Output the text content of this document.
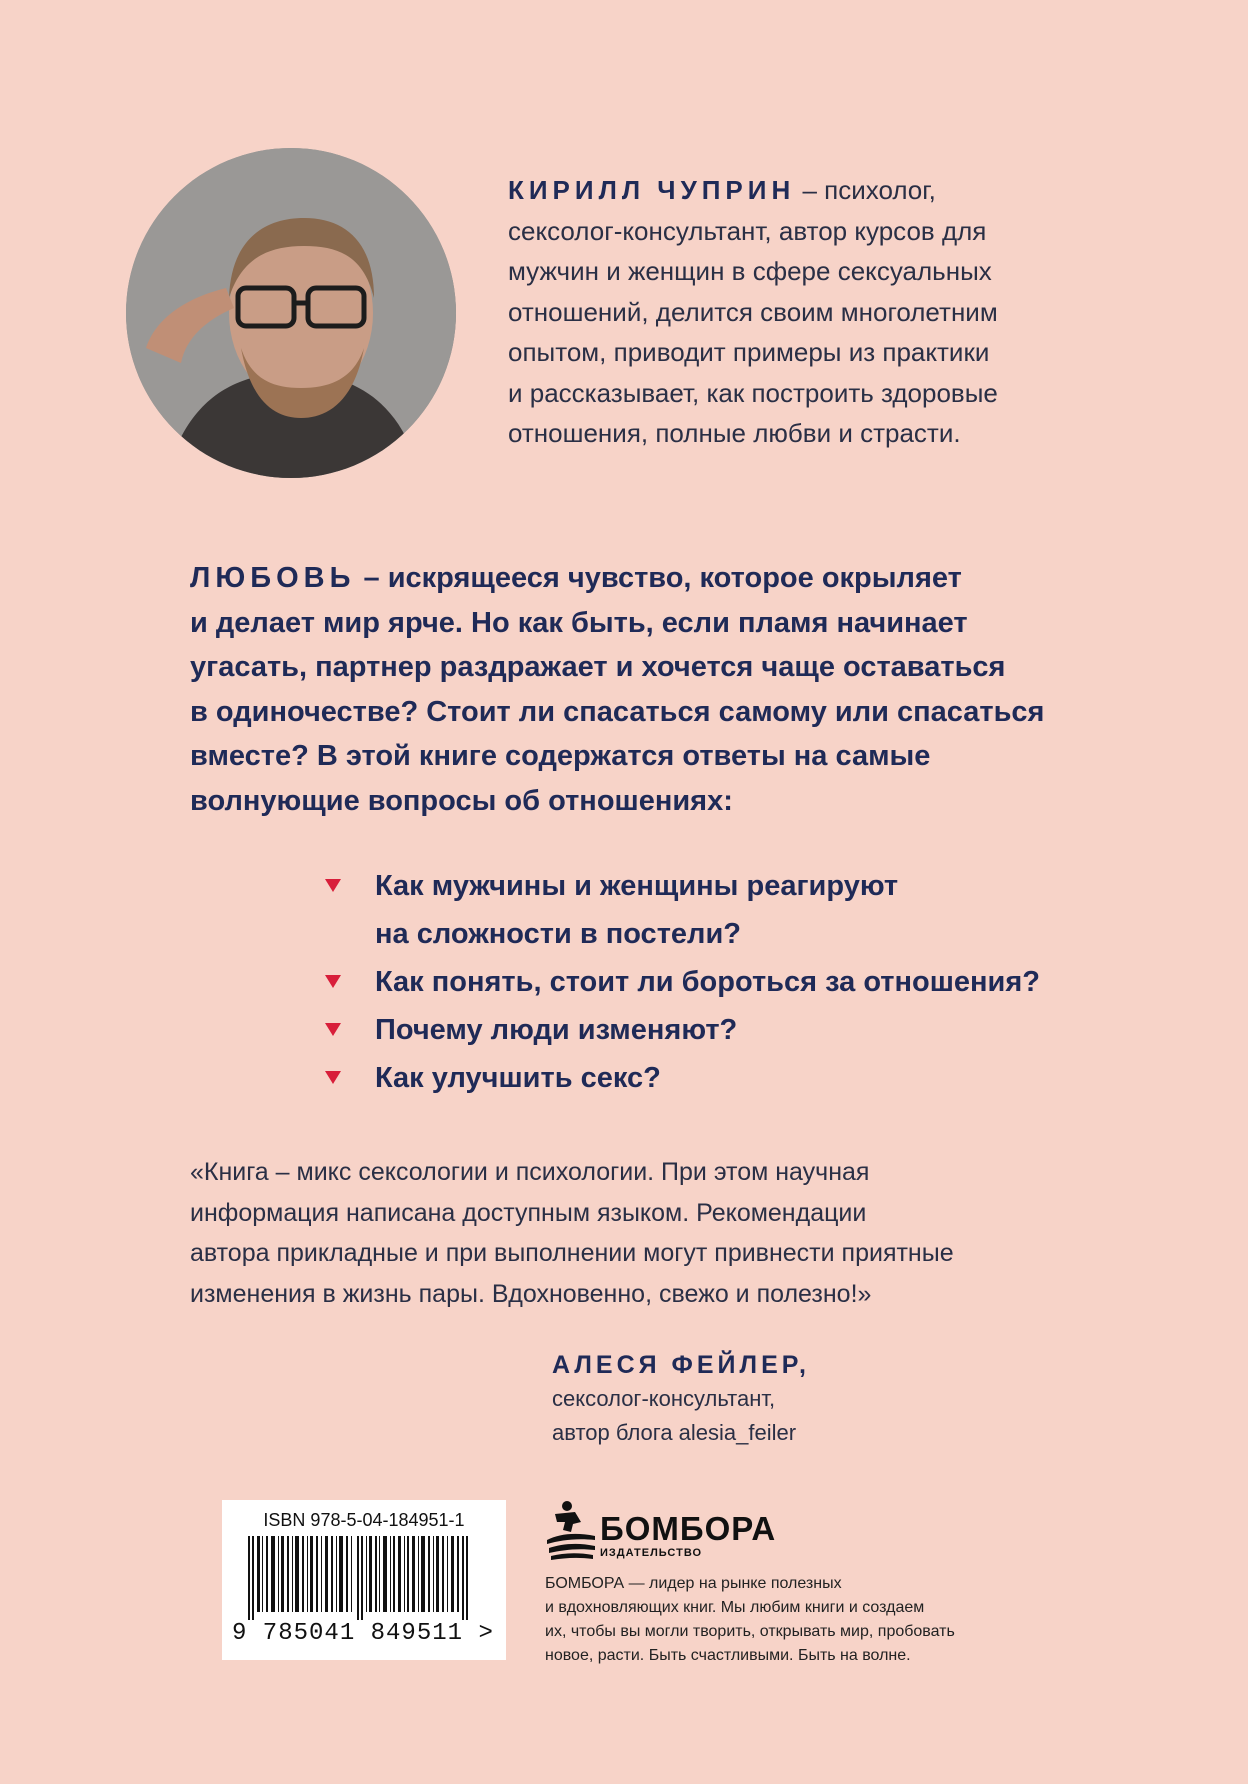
КИРИЛЛ ЧУПРИН – психолог,
сексолог-консультант, автор курсов для
мужчин и женщин в сфере сексуальных
отношений, делится своим многолетним
опытом, приводит примеры из практики
и рассказывает, как построить здоровые
отношения, полные любви и страсти.
ЛЮБОВЬ – искрящееся чувство, которое окрыляет
и делает мир ярче. Но как быть, если пламя начинает
угасать, партнер раздражает и хочется чаще оставаться
в одиночестве? Стоит ли спасаться самому или спасаться
вместе? В этой книге содержатся ответы на самые
волнующие вопросы об отношениях:
Как мужчины и женщины реагируют
на сложности в постели?
Как понять, стоит ли бороться за отношения?
Почему люди изменяют?
Как улучшить секс?
«Книга – микс сексологии и психологии. При этом научная
информация написана доступным языком. Рекомендации
автора прикладные и при выполнении могут привнести приятные
изменения в жизнь пары. Вдохновенно, свежо и полезно!»
АЛЕСЯ ФЕЙЛЕР,
сексолог-консультант,
автор блога alesia_feiler
ISBN 978-5-04-184951-1
9 785041 849511 >
БОМБОРА
ИЗДАТЕЛЬСТВО
БОМБОРА — лидер на рынке полезных
и вдохновляющих книг. Мы любим книги и создаем
их, чтобы вы могли творить, открывать мир, пробовать
новое, расти. Быть счастливыми. Быть на волне.
